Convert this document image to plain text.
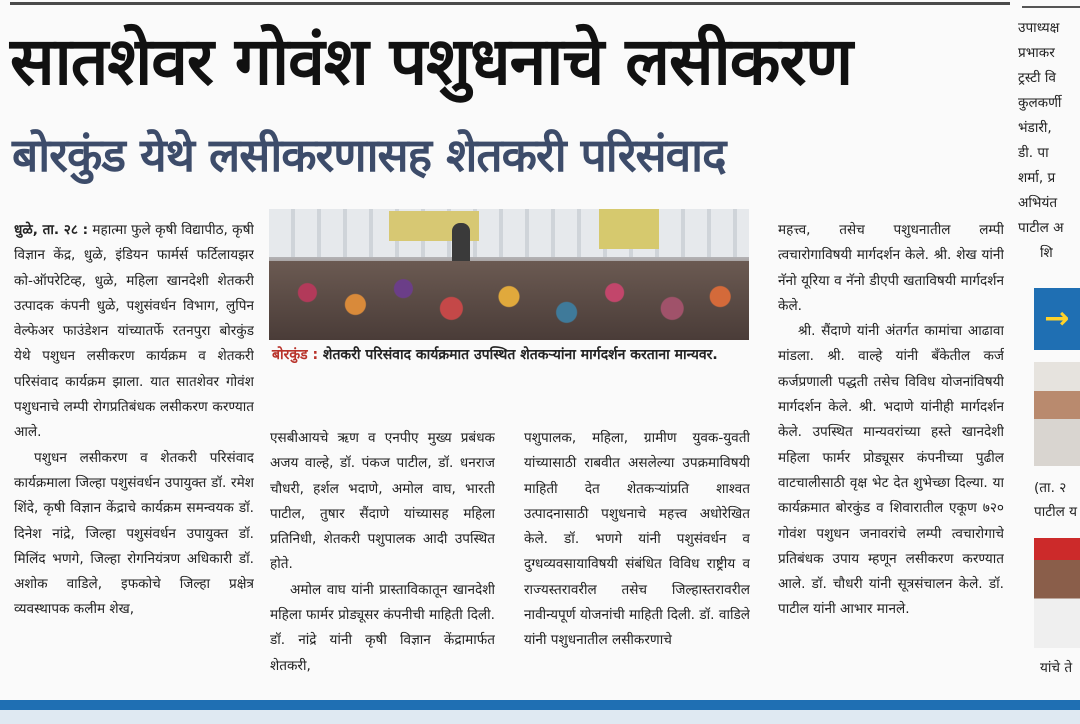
सातशेवर गोवंश पशुधनाचे लसीकरण
बोरकुंड येथे लसीकरणासह शेतकरी परिसंवाद

धुळे, ता. २८ : महात्मा फुले कृषी विद्यापीठ, कृषी विज्ञान केंद्र, धुळे, इंडियन फार्मर्स फर्टिलायझर को-ऑपरेटिव्ह, धुळे, महिला खानदेशी शेतकरी उत्पादक कंपनी धुळे, पशुसंवर्धन विभाग, लुपिन वेल्फेअर फाउंडेशन यांच्यातर्फे रतनपुरा बोरकुंड येथे पशुधन लसीकरण कार्यक्रम व शेतकरी परिसंवाद कार्यक्रम झाला. यात सातशेवर गोवंश पशुधनाचे लम्पी रोगप्रतिबंधक लसीकरण करण्यात आले.

पशुधन लसीकरण व शेतकरी परिसंवाद कार्यक्रमाला जिल्हा पशुसंवर्धन उपायुक्त डॉ. रमेश शिंदे, कृषी विज्ञान केंद्राचे कार्यक्रम समन्वयक डॉ. दिनेश नांद्रे, जिल्हा पशुसंवर्धन उपायुक्त डॉ. मिलिंद भणगे, जिल्हा रोगनियंत्रण अधिकारी डॉ. अशोक वाडिले, इफकोचे जिल्हा प्रक्षेत्र व्यवस्थापक कलीम शेख,

बोरकुंड : शेतकरी परिसंवाद कार्यक्रमात उपस्थित शेतकऱ्यांना मार्गदर्शन करताना मान्यवर.

एसबीआयचे ऋण व एनपीए मुख्य प्रबंधक अजय वाल्हे, डॉ. पंकज पाटील, डॉ. धनराज चौधरी, हर्शल भदाणे, अमोल वाघ, भारती पाटील, तुषार सैंदाणे यांच्यासह महिला प्रतिनिधी, शेतकरी पशुपालक आदी उपस्थित होते.

अमोल वाघ यांनी प्रास्ताविकातून खानदेशी महिला फार्मर प्रोड्यूसर कंपनीची माहिती दिली. डॉ. नांद्रे यांनी कृषी विज्ञान केंद्रामार्फत शेतकरी,

पशुपालक, महिला, ग्रामीण युवक-युवती यांच्यासाठी राबवीत असलेल्या उपक्रमाविषयी माहिती देत शेतकऱ्यांप्रति शाश्वत उत्पादनासाठी पशुधनाचे महत्त्व अधोरेखित केले. डॉ. भणगे यांनी पशुसंवर्धन व दुग्धव्यवसायाविषयी संबंधित विविध राष्ट्रीय व राज्यस्तरावरील तसेच जिल्हास्तरावरील नावीन्यपूर्ण योजनांची माहिती दिली. डॉ. वाडिले यांनी पशुधनातील लसीकरणाचे

महत्त्व, तसेच पशुधनातील लम्पी त्वचारोगाविषयी मार्गदर्शन केले. श्री. शेख यांनी नॅनो यूरिया व नॅनो डीएपी खताविषयी मार्गदर्शन केले.

श्री. सैंदाणे यांनी अंतर्गत कामांचा आढावा मांडला. श्री. वाल्हे यांनी बँकेतील कर्ज कर्जप्रणाली पद्धती तसेच विविध योजनांविषयी मार्गदर्शन केले. श्री. भदाणे यांनीही मार्गदर्शन केले. उपस्थित मान्यवरांच्या हस्ते खानदेशी महिला फार्मर प्रोड्यूसर कंपनीच्या पुढील वाटचालीसाठी वृक्ष भेट देत शुभेच्छा दिल्या. या कार्यक्रमात बोरकुंड व शिवारातील एकूण ७२० गोवंश पशुधन जनावरांचे लम्पी त्वचारोगाचे प्रतिबंधक उपाय म्हणून लसीकरण करण्यात आले. डॉ. चौधरी यांनी सूत्रसंचालन केले. डॉ. पाटील यांनी आभार मानले.

उपाध्यक्ष
प्रभाकर
ट्रस्टी वि
कुलकर्णी
भंडारी,
डी. पा
शर्मा, प्र
अभियंत
पाटील अ
शि
(ता. २
पाटील य
यांचे ते
→
